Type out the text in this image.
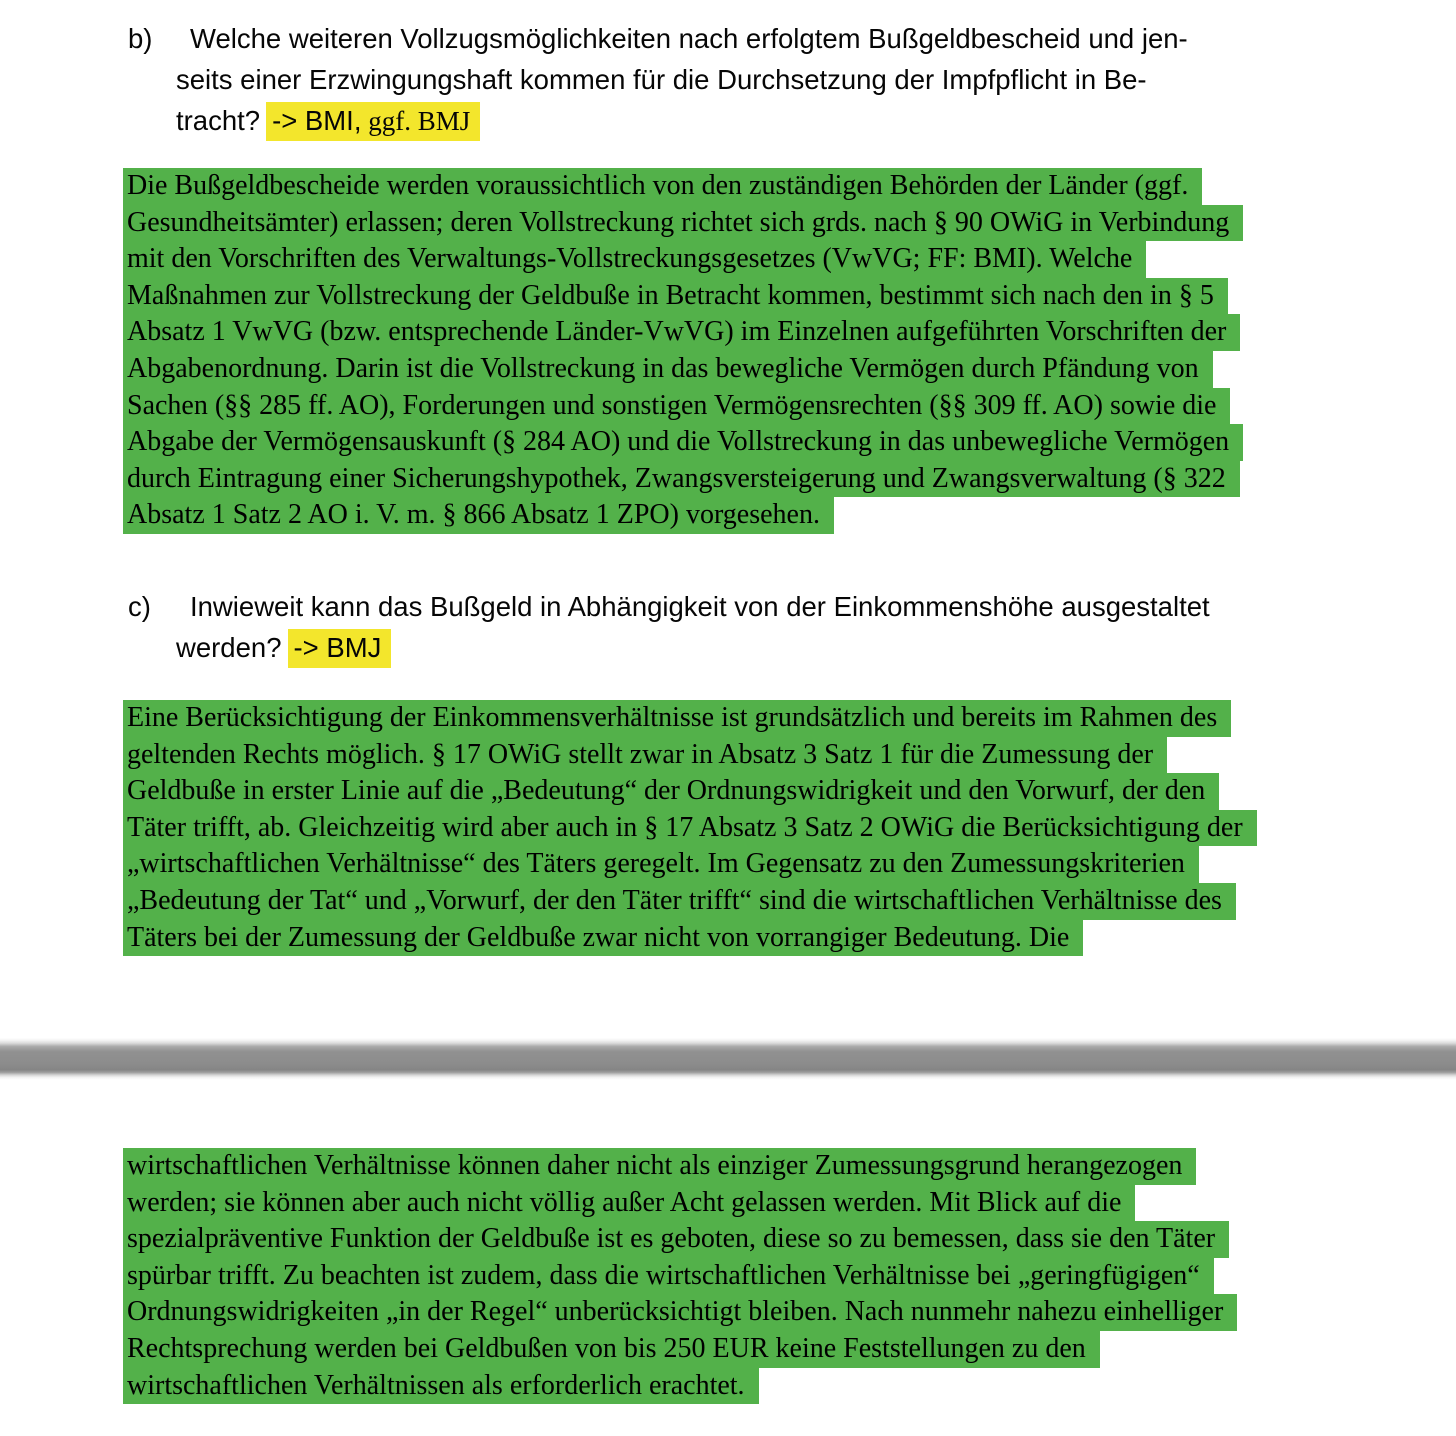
b)	Welche weiteren Vollzugsmöglichkeiten nach erfolgtem Bußgeldbescheid und jen-
seits einer Erzwingungshaft kommen für die Durchsetzung der Impfpflicht in Be-
tracht? -> BMI, ggf. BMJ
Die Bußgeldbescheide werden voraussichtlich von den zuständigen Behörden der Länder (ggf.
Gesundheitsämter) erlassen; deren Vollstreckung richtet sich grds. nach § 90 OWiG in Verbindung
mit den Vorschriften des Verwaltungs-Vollstreckungsgesetzes (VwVG; FF: BMI). Welche
Maßnahmen zur Vollstreckung der Geldbuße in Betracht kommen, bestimmt sich nach den in § 5
Absatz 1 VwVG (bzw. entsprechende Länder-VwVG) im Einzelnen aufgeführten Vorschriften der
Abgabenordnung. Darin ist die Vollstreckung in das bewegliche Vermögen durch Pfändung von
Sachen (§§ 285 ff. AO), Forderungen und sonstigen Vermögensrechten (§§ 309 ff. AO) sowie die
Abgabe der Vermögensauskunft (§ 284 AO) und die Vollstreckung in das unbewegliche Vermögen
durch Eintragung einer Sicherungshypothek, Zwangsversteigerung und Zwangsverwaltung (§ 322
Absatz 1 Satz 2 AO i. V. m. § 866 Absatz 1 ZPO) vorgesehen.
c)	Inwieweit kann das Bußgeld in Abhängigkeit von der Einkommenshöhe ausgestaltet
werden? -> BMJ
Eine Berücksichtigung der Einkommensverhältnisse ist grundsätzlich und bereits im Rahmen des
geltenden Rechts möglich. § 17 OWiG stellt zwar in Absatz 3 Satz 1 für die Zumessung der
Geldbuße in erster Linie auf die „Bedeutung“ der Ordnungswidrigkeit und den Vorwurf, der den
Täter trifft, ab. Gleichzeitig wird aber auch in § 17 Absatz 3 Satz 2 OWiG die Berücksichtigung der
„wirtschaftlichen Verhältnisse“ des Täters geregelt. Im Gegensatz zu den Zumessungskriterien
„Bedeutung der Tat“ und „Vorwurf, der den Täter trifft“ sind die wirtschaftlichen Verhältnisse des
Täters bei der Zumessung der Geldbuße zwar nicht von vorrangiger Bedeutung. Die
wirtschaftlichen Verhältnisse können daher nicht als einziger Zumessungsgrund herangezogen
werden; sie können aber auch nicht völlig außer Acht gelassen werden. Mit Blick auf die
spezialpräventive Funktion der Geldbuße ist es geboten, diese so zu bemessen, dass sie den Täter
spürbar trifft. Zu beachten ist zudem, dass die wirtschaftlichen Verhältnisse bei „geringfügigen“
Ordnungswidrigkeiten „in der Regel“ unberücksichtigt bleiben. Nach nunmehr nahezu einhelliger
Rechtsprechung werden bei Geldbußen von bis 250 EUR keine Feststellungen zu den
wirtschaftlichen Verhältnissen als erforderlich erachtet.
